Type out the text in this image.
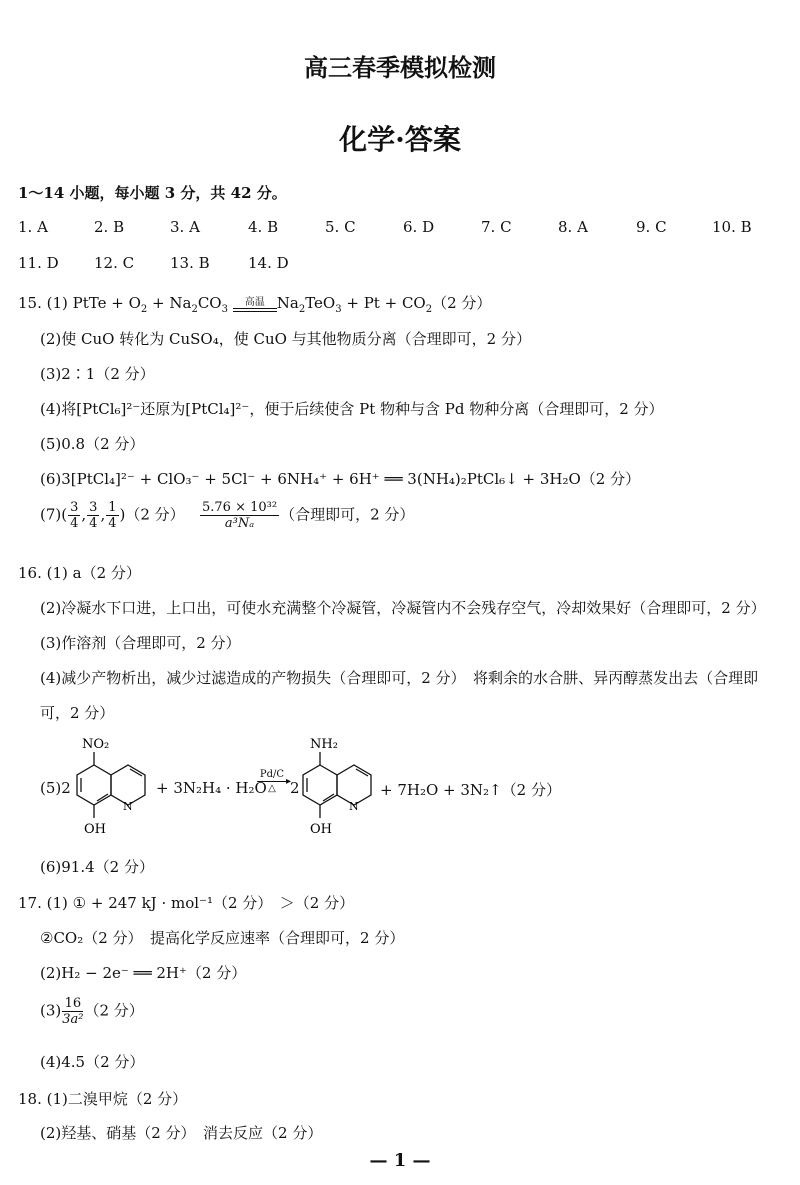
高三春季模拟检测
化学·答案
1～14 小题，每小题 3 分，共 42 分。
1. A	2. B	3. A	4. B	5. C	6. D	7. C	8. A	9. C	10. B
11. D 12. C 13. B	14. D
15. (1) PtTe + $O_2 + Na_2CO_3$
高温 $Na_2TeO_3 + Pt + CO_2(2$ 分）
(2)使 CuO 转化为 CuSO₄，使 CuO 与其他物质分离（合理即可，2 分）
(3)2∶1（2 分）
(4)将[PtCl₆]²⁻还原为[PtCl₄]²⁻，便于后续使含 Pt 物种与含 Pd 物种分离（合理即可，2 分）
(5)0.8（2 分）
(6)3[PtCl₄]²⁻ + ClO₃⁻ + 5Cl⁻ + 6NH₄⁺ + 6H⁺ ══ 3(NH₄)₂PtCl₆↓ + 3H₂O（2 分）
$(7)( \frac{3}{4}$ , $\frac{3}{4}$ , $\frac{1}{4} )(2$ 分） $\frac{\text{5.76 × 10³²}}{\text{a³Nₐ}}$ （合理即可，2 分）
16. (1) a（2 分）
(2)冷凝水下口进，上口出，可使水充满整个冷凝管，冷凝管内不会残存空气，冷却效果好（合理即可，2 分）
(3)作溶剂（合理即可，2 分）
(4)减少产物析出，减少过滤造成的产物损失（合理即可，2 分）　将剩余的水合肼、异丙醇蒸发出去（合理即
可，2 分）
(5)2
NO₂
OH
N
+ 3N₂H₄ · H₂O
Pd/C
▸
△ 2
NH₂
OH
N
+ 7H₂O + 3N₂↑（2 分）
(6)91.4（2 分）
17. (1) ① + 247 kJ · mol⁻¹（2 分）　＞（2 分）
②CO₂（2 分）　提高化学反应速率（合理即可，2 分）
(2)H₂ − 2e⁻ ══ 2H⁺（2 分）
$(3) \frac{16}{\text{3a²}} (2$ 分）
(4)4.5（2 分）
18. (1)二溴甲烷（2 分）
(2)羟基、硝基（2 分）　消去反应（2 分）
— 1 —
